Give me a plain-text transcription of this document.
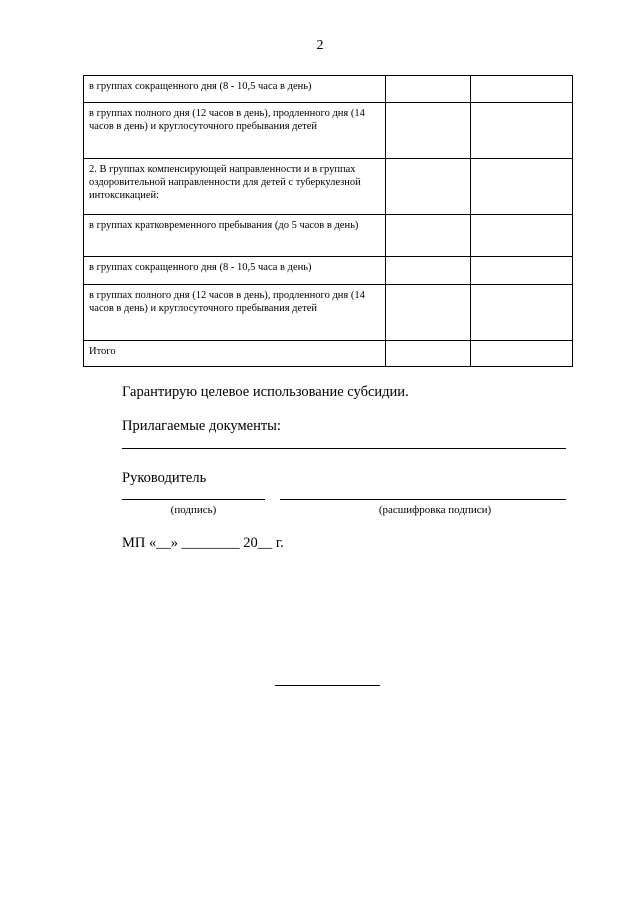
2
в группах сокращенного дня (8 - 10,5 часа в день)		
в группах полного дня (12 часов в день), продленного дня (14 часов в день) и круглосуточного пребывания детей		
2. В группах компенсирующей направленности и в группах оздоровительной направленности для детей с туберкулезной интоксикацией:		
в группах кратковременного пребывания (до 5 часов в день)		
в группах сокращенного дня (8 - 10,5 часа в день)		
в группах полного дня (12 часов в день), продленного дня (14 часов в день) и круглосуточного пребывания детей		
Итого		
Гарантирую целевое использование субсидии.
Прилагаемые документы:
Руководитель
(подпись)	(расшифровка подписи)
МП «__» ________ 20__ г.
